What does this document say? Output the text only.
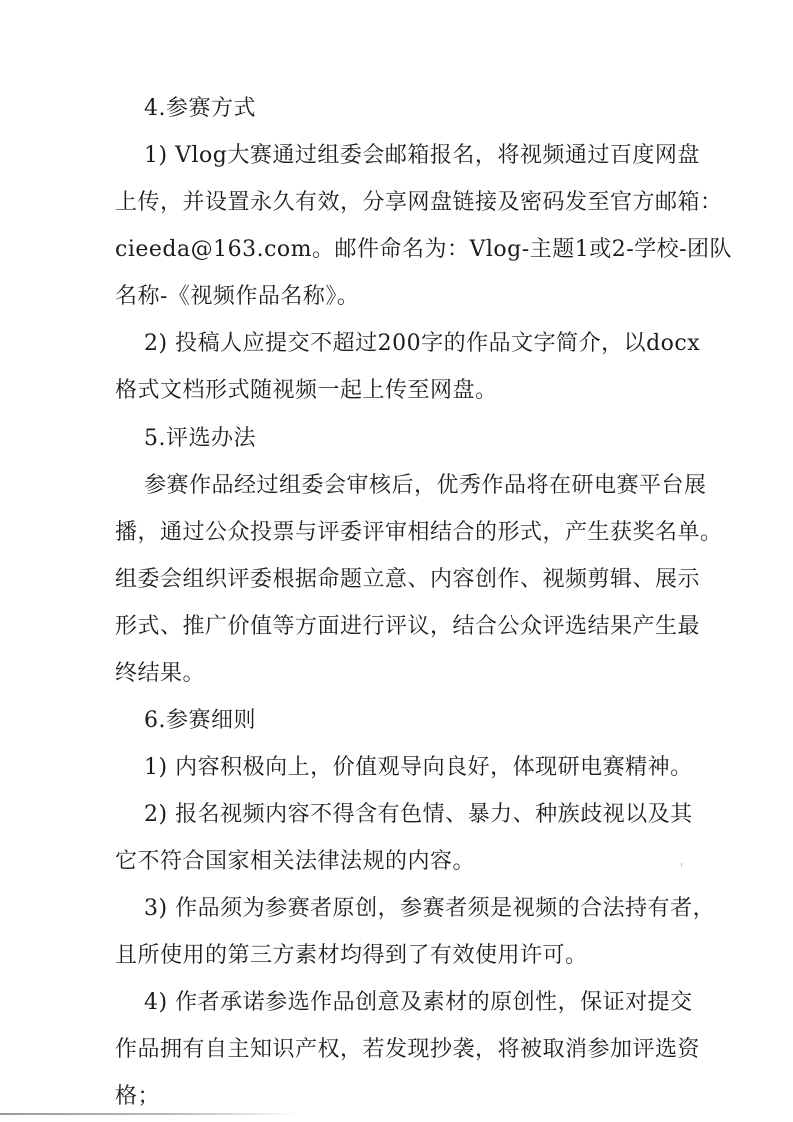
4.参赛方式
1) Vlog大赛通过组委会邮箱报名，将视频通过百度网盘
上传，并设置永久有效，分享网盘链接及密码发至官方邮箱：
cieeda@163.com。邮件命名为：Vlog-主题1或2-学校-团队
名称-《视频作品名称》。
2) 投稿人应提交不超过200字的作品文字简介，以docx
格式文档形式随视频一起上传至网盘。
5.评选办法
参赛作品经过组委会审核后，优秀作品将在研电赛平台展
播，通过公众投票与评委评审相结合的形式，产生获奖名单。
组委会组织评委根据命题立意、内容创作、视频剪辑、展示
形式、推广价值等方面进行评议，结合公众评选结果产生最
终结果。
6.参赛细则
1) 内容积极向上，价值观导向良好，体现研电赛精神。
2) 报名视频内容不得含有色情、暴力、种族歧视以及其
它不符合国家相关法律法规的内容。
3) 作品须为参赛者原创，参赛者须是视频的合法持有者，
且所使用的第三方素材均得到了有效使用许可。
4) 作者承诺参选作品创意及素材的原创性，保证对提交
作品拥有自主知识产权，若发现抄袭，将被取消参加评选资
格；
